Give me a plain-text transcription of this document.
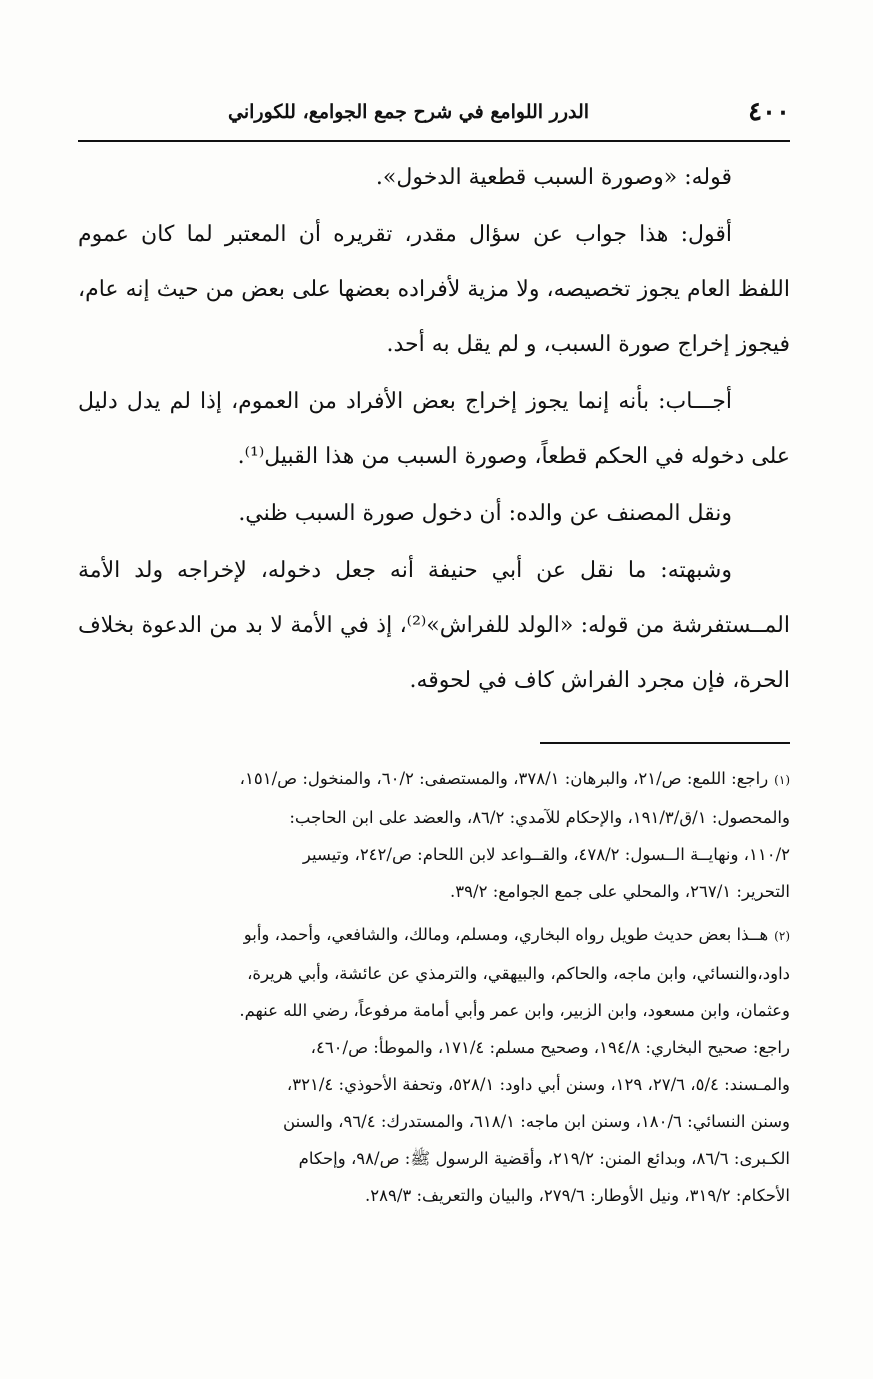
٤٠٠
الدرر اللوامع في شرح جمع الجوامع، للكوراني

قوله: «وصورة السبب قطعية الدخول».

أقول: هذا جواب عن سؤال مقدر، تقريره أن المعتبر لما كان عموم اللفظ العام يجوز تخصيصه، ولا مزية لأفراده بعضها على بعض من حيث إنه عام، فيجوز إخراج صورة السبب، و لم يقل به أحد.

أجـــاب: بأنه إنما يجوز إخراج بعض الأفراد من العموم، إذا لم يدل دليل على دخوله في الحكم قطعاً، وصورة السبب من هذا القبيل⁽¹⁾.

ونقل المصنف عن والده: أن دخول صورة السبب ظني.

وشبهته: ما نقل عن أبي حنيفة أنه جعل دخوله، لإخراجه ولد الأمة المــستفرشة من قوله: «الولد للفراش»⁽²⁾، إذ في الأمة لا بد من الدعوة بخلاف الحرة، فإن مجرد الفراش كاف في لحوقه.

(١)راجع: اللمع: ص/٢١، والبرهان: ٣٧٨/١، والمستصفى: ٦٠/٢، والمنخول: ص/١٥١،

والمحصول: ١/ق/١٩١/٣، والإحكام للآمدي: ٨٦/٢، والعضد على ابن الحاجب:

١١٠/٢، ونهايــة الــسول: ٤٧٨/٢، والقــواعد لابن اللحام: ص/٢٤٢، وتيسير

التحرير: ٢٦٧/١، والمحلي على جمع الجوامع: ٣٩/٢.

(٢)هــذا بعض حديث طويل رواه البخاري، ومسلم، ومالك، والشافعي، وأحمد، وأبو

داود،والنسائي، وابن ماجه، والحاكم، والبيهقي، والترمذي عن عائشة، وأبي هريرة،

وعثمان، وابن مسعود، وابن الزبير، وابن عمر وأبي أمامة مرفوعاً، رضي الله عنهم.

راجع: صحيح البخاري: ١٩٤/٨، وصحيح مسلم: ١٧١/٤، والموطأ: ص/٤٦٠،

والمـسند: ٥/٤، ٢٧/٦، ١٢٩، وسنن أبي داود: ٥٢٨/١، وتحفة الأحوذي: ٣٢١/٤،

وسنن النسائي: ١٨٠/٦، وسنن ابن ماجه: ٦١٨/١، والمستدرك: ٩٦/٤، والسنن

الكـبرى: ٨٦/٦، وبدائع المنن: ٢١٩/٢، وأقضية الرسول ﷺ: ص/٩٨، وإحكام

الأحكام: ٣١٩/٢، ونيل الأوطار: ٢٧٩/٦، والبيان والتعريف: ٢٨٩/٣.
